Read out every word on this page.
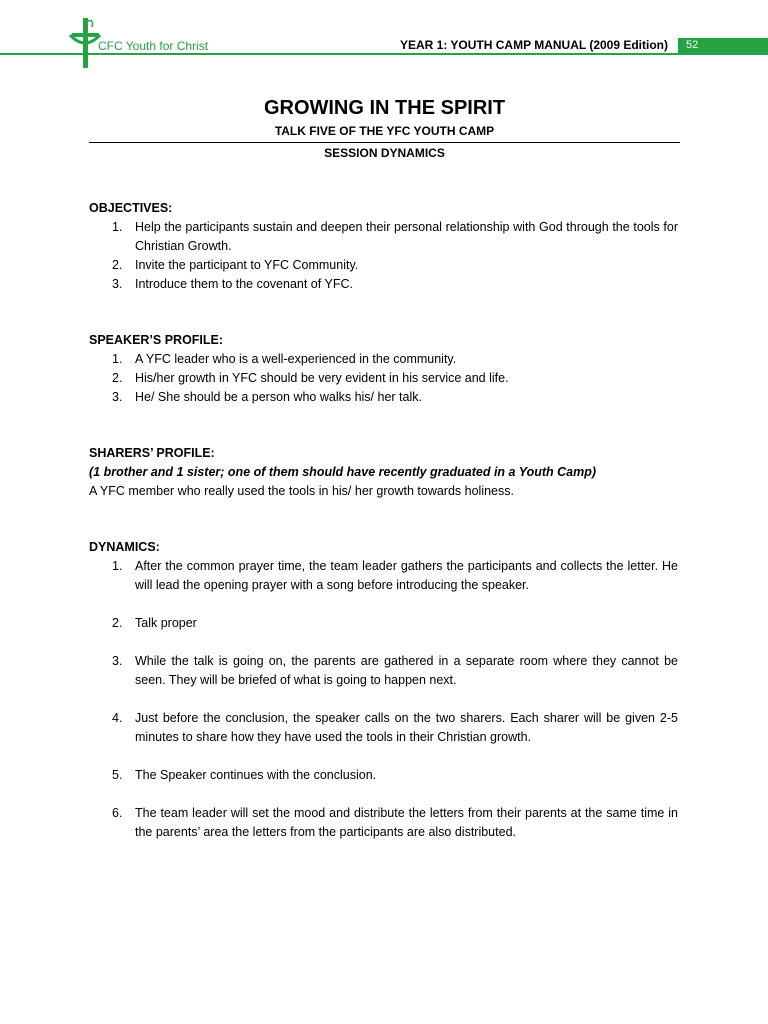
CFC Youth for Christ	YEAR 1: YOUTH CAMP MANUAL (2009 Edition) 52

GROWING IN THE SPIRIT

TALK FIVE OF THE YFC YOUTH CAMP

SESSION DYNAMICS

OBJECTIVES:

1. Help the participants sustain and deepen their personal relationship with God through the tools for Christian Growth.
2. Invite the participant to YFC Community.
3. Introduce them to the covenant of YFC.

SPEAKER’S PROFILE:

1. A YFC leader who is a well-experienced in the community.
2. His/her growth in YFC should be very evident in his service and life.
3. He/ She should be a person who walks his/ her talk.

SHARERS’ PROFILE:

(1 brother and 1 sister; one of them should have recently graduated in a Youth Camp)

A YFC member who really used the tools in his/ her growth towards holiness.

DYNAMICS:

1. After the common prayer time, the team leader gathers the participants and collects the letter. He will lead the opening prayer with a song before introducing the speaker.
2. Talk proper
3. While the talk is going on, the parents are gathered in a separate room where they cannot be seen. They will be briefed of what is going to happen next.
4. Just before the conclusion, the speaker calls on the two sharers. Each sharer will be given 2-5 minutes to share how they have used the tools in their Christian growth.
5. The Speaker continues with the conclusion.
6. The team leader will set the mood and distribute the letters from their parents at the same time in the parents’ area the letters from the participants are also distributed.
